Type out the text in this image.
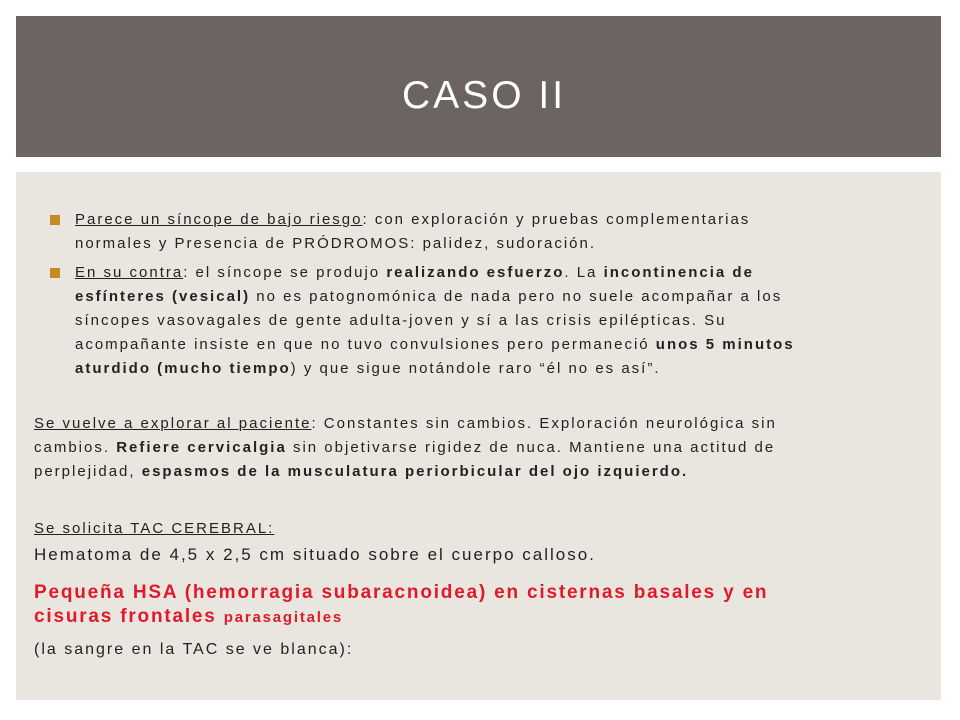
CASO II
Parece un síncope de bajo riesgo: con exploración y pruebas complementarias
normales y Presencia de PRÓDROMOS: palidez, sudoración.
En su contra: el síncope se produjo realizando esfuerzo. La incontinencia de
esfínteres (vesical) no es patognomónica de nada pero no suele acompañar a los
síncopes vasovagales de gente adulta-joven y sí a las crisis epilépticas. Su
acompañante insiste en que no tuvo convulsiones pero permaneció unos 5 minutos
aturdido (mucho tiempo) y que sigue notándole raro “él no es así”.
Se vuelve a explorar al paciente: Constantes sin cambios. Exploración neurológica sin
cambios. Refiere cervicalgia sin objetivarse rigidez de nuca. Mantiene una actitud de
perplejidad, espasmos de la musculatura periorbicular del ojo izquierdo.
Se solicita TAC CEREBRAL:
Hematoma de 4,5 x 2,5 cm situado sobre el cuerpo calloso.
Pequeña HSA (hemorragia subaracnoidea) en cisternas basales y en
cisuras frontales parasagitales
(la sangre en la TAC se ve blanca):
